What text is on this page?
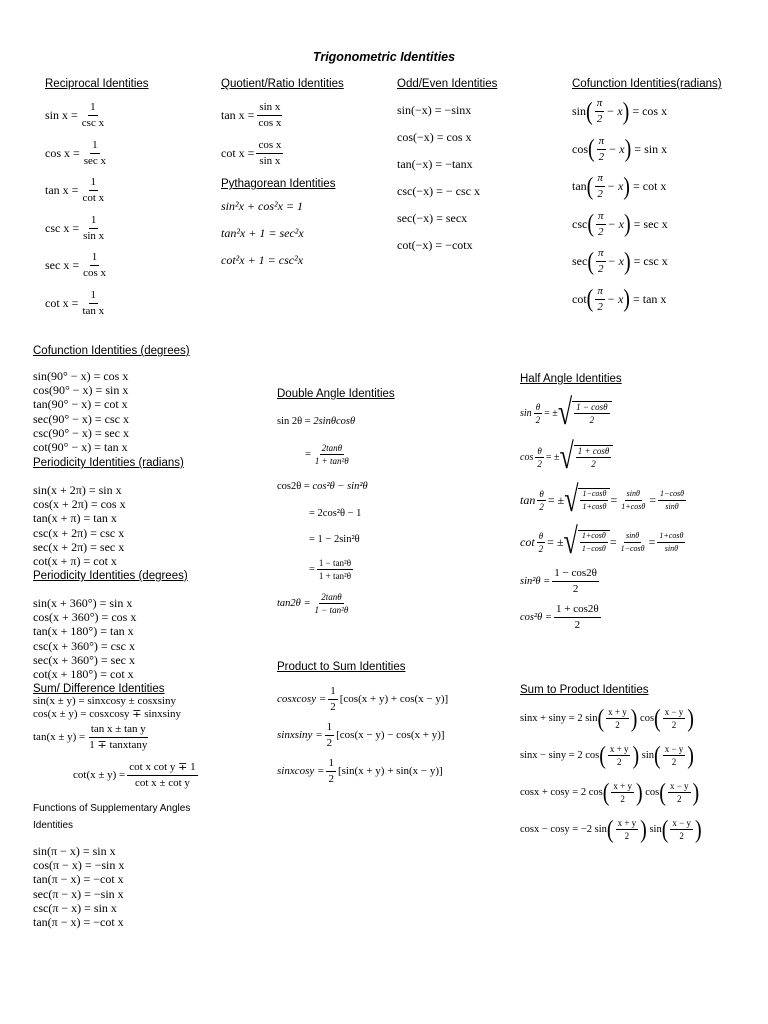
Trigonometric Identities
Reciprocal Identities
$\sin x = \frac{1}{\text{csc x}}$
$\cos x = \frac{1}{\text{sec x}}$
$\tan x = \frac{1}{\text{cot x}}$
$\csc x = \frac{1}{\text{sin x}}$
$\sec x = \frac{1}{\text{cos x}}$
$\cot x = \frac{1}{\text{tan x}}$
Quotient/Ratio Identities
$\tan x = \frac{\text{sin x}}{\text{cos x}}$
$\cot x = \frac{\text{cos x}}{\text{sin x}}$
Pythagorean Identities
sin²x + cos²x = 1
tan²x + 1 = sec²x
cot²x + 1 = csc²x
Odd/Even Identities
sin(−x) = −sinx
cos(−x) = cos x
tan(−x) = −tanx
csc(−x) = − csc x
sec(−x) = secx
cot(−x) = −cotx
Cofunction Identities(radians)
sin ( $\frac{\pi}{2} - x$ )
= cos x
cos ( $\frac{\pi}{2} - x$ )
= sin x
tan ( $\frac{\pi}{2} - x$ )
= cot x
csc ( $\frac{\pi}{2} - x$ )
= sec x
sec ( $\frac{\pi}{2} - x$ )
= csc x
cot ( $\frac{\pi}{2} - x$ )
= tan x
Cofunction Identities (degrees)
sin(90° − x) = cos x
cos(90° − x) = sin x
tan(90° − x) = cot x
sec(90° − x) = csc x
csc(90° − x) = sec x
cot(90° − x) = tan x
Periodicity Identities (radians)
sin(x + 2π) = sin x
cos(x + 2π) = cos x
tan(x + π) = tan x
csc(x + 2π) = csc x
sec(x + 2π) = sec x
cot(x + π) = cot x
Periodicity Identities (degrees)
sin(x + 360°) = sin x
cos(x + 360°) = cos x
tan(x + 180°) = tan x
csc(x + 360°) = csc x
sec(x + 360°) = sec x
cot(x + 180°) = cot x
Sum/ Difference Identities
sin(x ± y) = sinxcosy ± cosxsiny
cos(x ± y) = cosxcosy ∓ sinxsiny
$\tan(x \pm y) = \frac{\text{tan x ± tan y}}{\text{1 ∓ tanxtany}}$
$\cot(x \pm y) = \frac{\text{cot x cot y ∓ 1}}{\text{cot x ± cot y}}$
Functions of Supplementary Angles Identities
sin(π − x) = sin x
cos(π − x) = −sin x
tan(π − x) = −cot x
sec(π − x) = −sin x
csc(π − x) = sin x
tan(π − x) = −cot x
Double Angle Identities
sin 2θ =
2sinθcosθ
= $\frac{2\tan\theta}{\text{1 + tan²θ}}$
cos2θ =
cos²θ − sin²θ
= 2cos²θ − 1
= 1 − 2sin²θ
= $\frac{\text{1 − tan²θ}}{\text{1 + tan²θ}}$
$\tan 2\theta = \frac{2\tan\theta}{\text{1 − tan²θ}}$
Product to Sum Identities
cosxcosy = $\frac{1}{2} [\cos(x + y) + \cos(x - y)]$
sinxsiny = $\frac{1}{2} [\cos(x - y) - \cos(x + y)]$
sinxcosy = $\frac{1}{2} [\sin(x + y) + \sin(x - y)]$
Half Angle Identities
$\sin \frac{\theta}{2}$ = ± √ $\frac{1 - \cos\theta}{2}$
$\cos \frac{\theta}{2}$ = ± √ $\frac{1 + \cos\theta}{2}$
$\tan \frac{\theta}{2}$ = ± √ $\frac{1-\cos\theta}{1+\cos\theta} = \frac{\sin\theta}{1+\cos\theta} = \frac{1-\cos\theta}{\sin\theta}$
$\cot \frac{\theta}{2}$ = ± √ $\frac{1+\cos\theta}{1-\cos\theta} = \frac{\sin\theta}{1-\cos\theta} = \frac{1+\cos\theta}{\sin\theta}$
$\sin^2\theta = \frac{1 - \cos 2\theta}{2}$
$\cos^2\theta = \frac{1 + \cos 2\theta}{2}$
Sum to Product Identities
sinx + siny = 2 sin ( $\frac{x + y}{2}$ )
cos ( $\frac{x - y}{2}$ )
sinx − siny = 2 cos ( $\frac{x + y}{2}$ )
sin ( $\frac{x - y}{2}$ )
cosx + cosy = 2 cos ( $\frac{x + y}{2}$ )
cos ( $\frac{x - y}{2}$ )
cosx − cosy = −2 sin ( $\frac{x + y}{2}$ )
sin ( $\frac{x - y}{2}$ )
